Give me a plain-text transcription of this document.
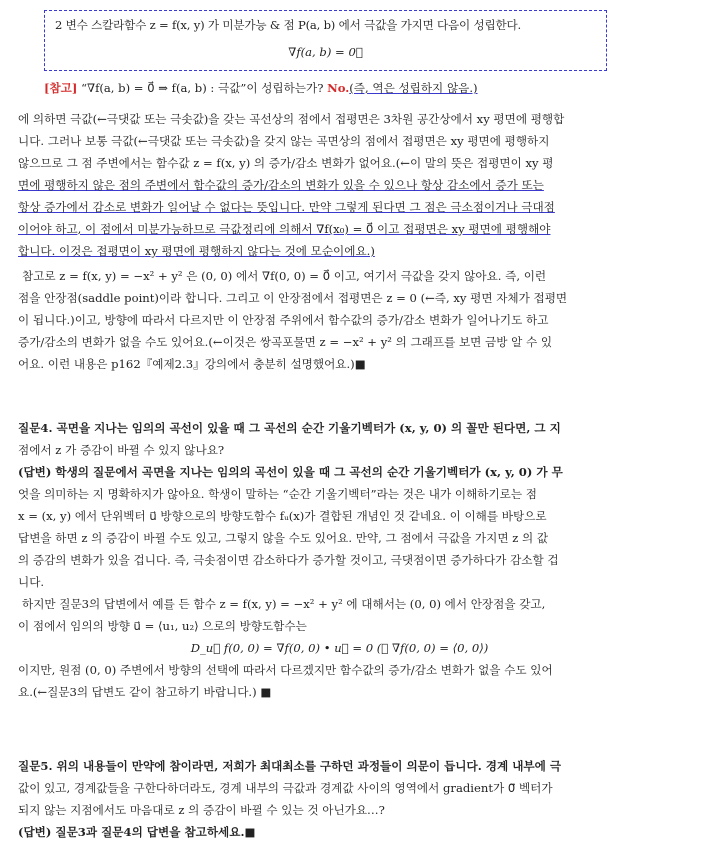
2 변수 스칼라함수 z = f(x, y) 가 미분가능 & 점 P(a, b) 에서 극값을 가지면 다음이 성립한다.
∇f(a, b) = 0⃗
[참고] “∇f(a, b) = 0⃗ ⇒ f(a, b) : 극값”이 성립하는가? No.(즉, 역은 성립하지 않음.)
에 의하면 극값(←극댓값 또는 극솟값)을 갖는 곡선상의 점에서 접평면은 3차원 공간상에서 xy 평면에 평행합
니다. 그러나 보통 극값(←극댓값 또는 극솟값)을 갖지 않는 곡면상의 점에서 접평면은 xy 평면에 평행하지
않으므로 그 점 주변에서는 함수값 z = f(x, y) 의 증가/감소 변화가 없어요.(←이 말의 뜻은 접평면이 xy 평
면에 평행하지 않은 점의 주변에서 함수값의 증가/감소의 변화가 있을 수 있으나 항상 감소에서 증가 또는
항상 증가에서 감소로 변화가 일어날 수 없다는 뜻입니다. 만약 그렇게 된다면 그 점은 극소점이거나 극대점
이어야 하고, 이 점에서 미분가능하므로 극값정리에 의해서 ∇f(x₀) = 0⃗ 이고 접평면은 xy 평면에 평행해야
합니다. 이것은 접평면이 xy 평면에 평행하지 않다는 것에 모순이에요.)
참고로 z = f(x, y) = −x² + y² 은 (0, 0) 에서 ∇f(0, 0) = 0⃗ 이고, 여기서 극값을 갖지 않아요. 즉, 이런
점을 안장점(saddle point)이라 합니다. 그리고 이 안장점에서 접평면은 z = 0 (←즉, xy 평면 자체가 접평면
이 됩니다.)이고, 방향에 따라서 다르지만 이 안장점 주위에서 함수값의 증가/감소 변화가 일어나기도 하고
증가/감소의 변화가 없을 수도 있어요.(←이것은 쌍곡포물면 z = −x² + y² 의 그래프를 보면 금방 알 수 있
어요. 이런 내용은 p162『예제2.3』강의에서 충분히 설명했어요.)■
질문4. 곡면을 지나는 임의의 곡선이 있을 때 그 곡선의 순간 기울기벡터가 (x, y, 0) 의 꼴만 된다면, 그 지
점에서 z 가 증감이 바뀔 수 있지 않나요?
(답변) 학생의 질문에서 곡면을 지나는 임의의 곡선이 있을 때 그 곡선의 순간 기울기벡터가 (x, y, 0) 가 무
엇을 의미하는 지 명확하지가 않아요. 학생이 말하는 “순간 기울기벡터”라는 것은 내가 이해하기로는 점
x = (x, y) 에서 단위벡터 u⃗ 방향으로의 방향도함수 fᵤ(x)가 결합된 개념인 것 같네요. 이 이해를 바탕으로
답변을 하면 z 의 증감이 바뀔 수도 있고, 그렇지 않을 수도 있어요. 만약, 그 점에서 극값을 가지면 z 의 값
의 증감의 변화가 있을 겁니다. 즉, 극솟점이면 감소하다가 증가할 것이고, 극댓점이면 증가하다가 감소할 겁
니다.
하지만 질문3의 답변에서 예를 든 함수 z = f(x, y) = −x² + y² 에 대해서는 (0, 0) 에서 안장점을 갖고,
이 점에서 임의의 방향 u⃗ = ⟨u₁, u₂⟩ 으로의 방향도함수는
D_u⃗ f(0, 0) = ∇f(0, 0) • u⃗ = 0 (∵ ∇f(0, 0) = ⟨0, 0⟩)
이지만, 원점 (0, 0) 주변에서 방향의 선택에 따라서 다르겠지만 함수값의 증가/감소 변화가 없을 수도 있어
요.(←질문3의 답변도 같이 참고하기 바랍니다.) ■
질문5. 위의 내용들이 만약에 참이라면, 저희가 최대최소를 구하던 과정들이 의문이 듭니다. 경계 내부에 극
값이 있고, 경계값들을 구한다하더라도, 경계 내부의 극값과 경계값 사이의 영역에서 gradient가 0⃗ 벡터가
되지 않는 지점에서도 마음대로 z 의 증감이 바뀔 수 있는 것 아닌가요…?
(답변) 질문3과 질문4의 답변을 참고하세요.■
